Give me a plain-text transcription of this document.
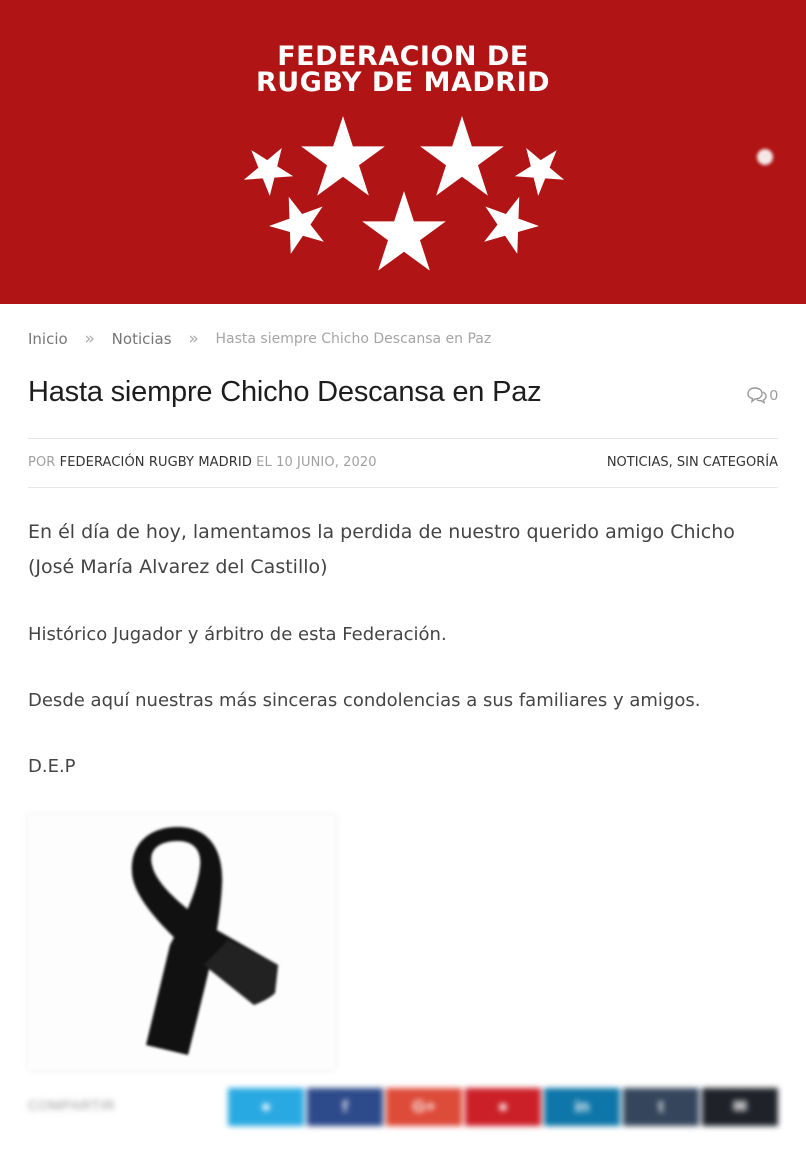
FEDERACION DE
RUGBY DE MADRID
Inicio » Noticias » Hasta siempre Chicho Descansa en Paz
Hasta siempre Chicho Descansa en Paz	0
POR FEDERACIÓN RUGBY MADRID EL 10 JUNIO, 2020	NOTICIAS, SIN CATEGORÍA

En él día de hoy, lamentamos la perdida de nuestro querido amigo Chicho (José María Alvarez del Castillo)

Histórico Jugador y árbitro de esta Federación.

Desde aquí nuestras más sinceras condolencias a sus familiares y amigos.

D.E.P

COMPARTIR	●	f	G+	●	in	t	✉
